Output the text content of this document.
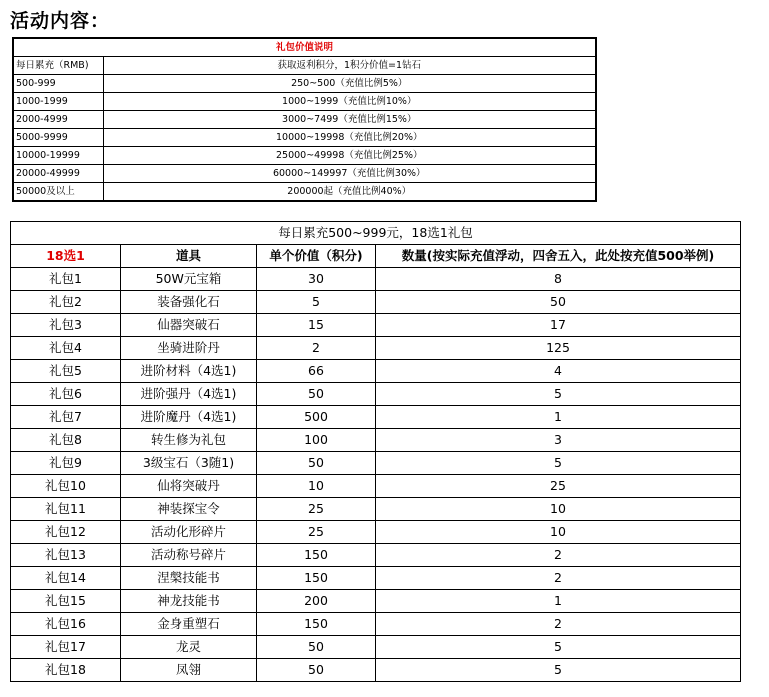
活动内容：
礼包价值说明	
每日累充（RMB)	获取返利积分，1积分价值=1钻石
500-999	250~500（充值比例5%）
1000-1999	1000~1999（充值比例10%）
2000-4999	3000~7499（充值比例15%）
5000-9999	10000~19998（充值比例20%）
10000-19999	25000~49998（充值比例25%）
20000-49999	60000~149997（充值比例30%）
50000及以上	200000起（充值比例40%）
每日累充500~999元，18选1礼包			
18选1	道具	单个价值（积分)	数量(按实际充值浮动，四舍五入，此处按充值500举例)
礼包1	50W元宝箱	30	8
礼包2	装备强化石	5	50
礼包3	仙器突破石	15	17
礼包4	坐骑进阶丹	2	125
礼包5	进阶材料（4选1)	66	4
礼包6	进阶强丹（4选1)	50	5
礼包7	进阶魔丹（4选1)	500	1
礼包8	转生修为礼包	100	3
礼包9	3级宝石（3随1)	50	5
礼包10	仙将突破丹	10	25
礼包11	神装探宝令	25	10
礼包12	活动化形碎片	25	10
礼包13	活动称号碎片	150	2
礼包14	涅槃技能书	150	2
礼包15	神龙技能书	200	1
礼包16	金身重塑石	150	2
礼包17	龙灵	50	5
礼包18	凤翎	50	5
